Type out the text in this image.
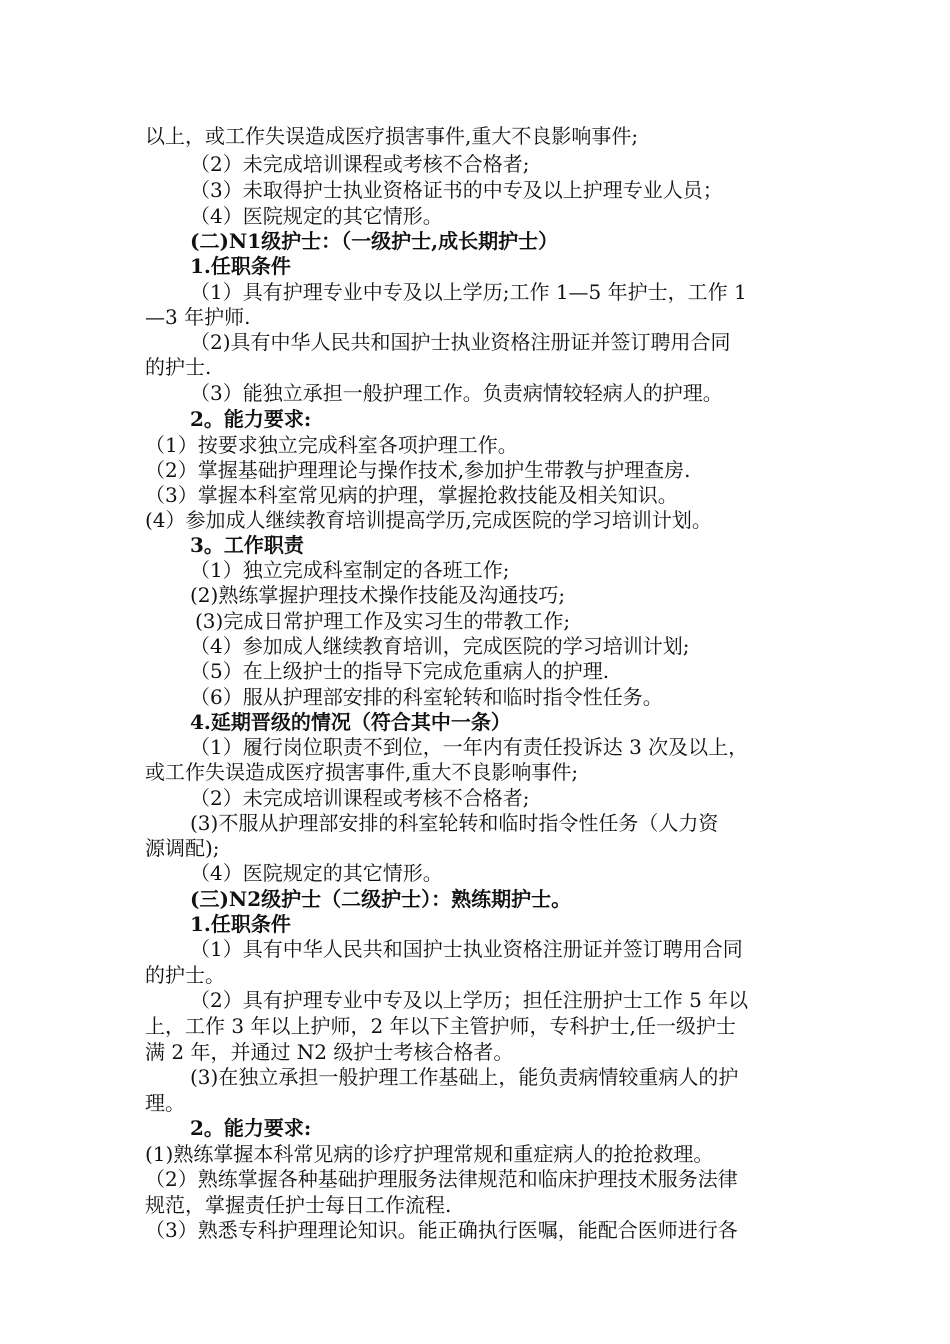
以上，或工作失误造成医疗损害事件,重大不良影响事件;
（2）未完成培训课程或考核不合格者;
（3）未取得护士执业资格证书的中专及以上护理专业人员；
（4）医院规定的其它情形。
(二)N1级护士：（一级护士,成长期护士）
1.任职条件
（1）具有护理专业中专及以上学历;工作 1—5 年护士，工作 1
—3 年护师.
（2)具有中华人民共和国护士执业资格注册证并签订聘用合同
的护士.
（3）能独立承担一般护理工作。负责病情较轻病人的护理。
2。能力要求:
（1）按要求独立完成科室各项护理工作。
（2）掌握基础护理理论与操作技术,参加护生带教与护理查房.
（3）掌握本科室常见病的护理，掌握抢救技能及相关知识。
(4）参加成人继续教育培训提高学历,完成医院的学习培训计划。
3。工作职责
（1）独立完成科室制定的各班工作;
(2)熟练掌握护理技术操作技能及沟通技巧;
(3)完成日常护理工作及实习生的带教工作;
（4）参加成人继续教育培训，完成医院的学习培训计划;
（5）在上级护士的指导下完成危重病人的护理.
（6）服从护理部安排的科室轮转和临时指令性任务。
4.延期晋级的情况（符合其中一条）
（1）履行岗位职责不到位，一年内有责任投诉达 3 次及以上，
或工作失误造成医疗损害事件,重大不良影响事件;
（2）未完成培训课程或考核不合格者;
(3)不服从护理部安排的科室轮转和临时指令性任务（人力资
源调配);
（4）医院规定的其它情形。
(三)N2级护士（二级护士）：熟练期护士。
1.任职条件
（1）具有中华人民共和国护士执业资格注册证并签订聘用合同
的护士。
（2）具有护理专业中专及以上学历；担任注册护士工作 5 年以
上，工作 3 年以上护师，2 年以下主管护师，专科护士,任一级护士
满 2 年，并通过 N2 级护士考核合格者。
(3)在独立承担一般护理工作基础上，能负责病情较重病人的护
理。
2。能力要求:
(1)熟练掌握本科常见病的诊疗护理常规和重症病人的抢抢救理。
（2）熟练掌握各种基础护理服务法律规范和临床护理技术服务法律
规范，掌握责任护士每日工作流程.
（3）熟悉专科护理理论知识。能正确执行医嘱，能配合医师进行各
